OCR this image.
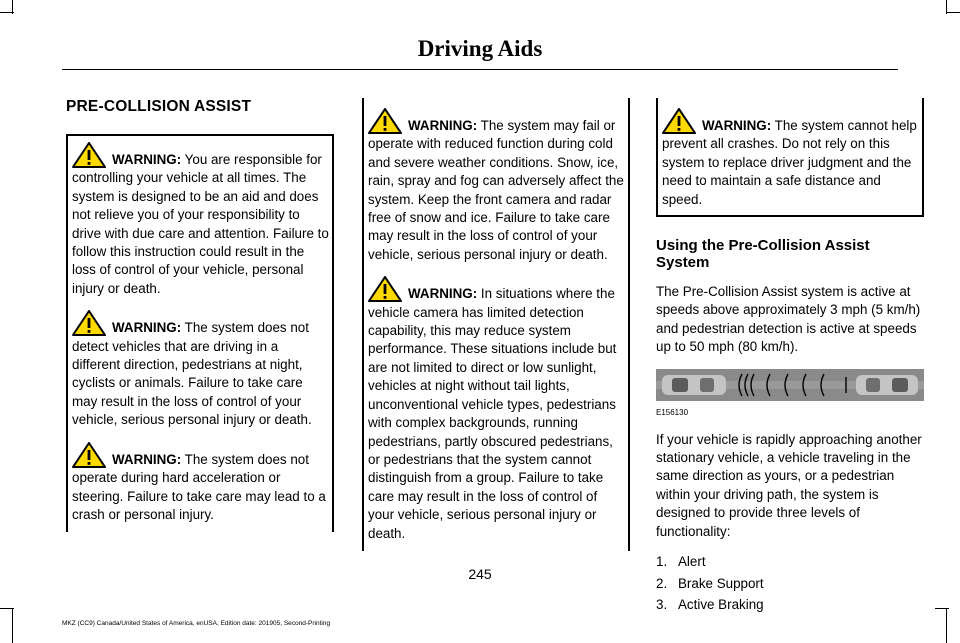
Driving Aids
PRE-COLLISION ASSIST

WARNING: You are responsible for controlling your vehicle at all times. The system is designed to be an aid and does not relieve you of your responsibility to drive with due care and attention. Failure to follow this instruction could result in the loss of control of your vehicle, personal injury or death.

WARNING: The system does not detect vehicles that are driving in a different direction, pedestrians at night, cyclists or animals. Failure to take care may result in the loss of control of your vehicle, serious personal injury or death.

WARNING: The system does not operate during hard acceleration or steering. Failure to take care may lead to a crash or personal injury.

WARNING: The system may fail or operate with reduced function during cold and severe weather conditions. Snow, ice, rain, spray and fog can adversely affect the system. Keep the front camera and radar free of snow and ice. Failure to take care may result in the loss of control of your vehicle, serious personal injury or death.

WARNING: In situations where the vehicle camera has limited detection capability, this may reduce system performance. These situations include but are not limited to direct or low sunlight, vehicles at night without tail lights, unconventional vehicle types, pedestrians with complex backgrounds, running pedestrians, partly obscured pedestrians, or pedestrians that the system cannot distinguish from a group. Failure to take care may result in the loss of control of your vehicle, serious personal injury or death.

WARNING: The system cannot help prevent all crashes. Do not rely on this system to replace driver judgment and the need to maintain a safe distance and speed.

Using the Pre-Collision Assist System

The Pre-Collision Assist system is active at speeds above approximately 3 mph (5 km/h) and pedestrian detection is active at speeds up to 50 mph (80 km/h).

E156130

If your vehicle is rapidly approaching another stationary vehicle, a vehicle traveling in the same direction as yours, or a pedestrian within your driving path, the system is designed to provide three levels of functionality:

1. Alert
2. Brake Support
3. Active Braking
245
MKZ (CC9) Canada/United States of America, enUSA, Edition date: 201905, Second-Printing
